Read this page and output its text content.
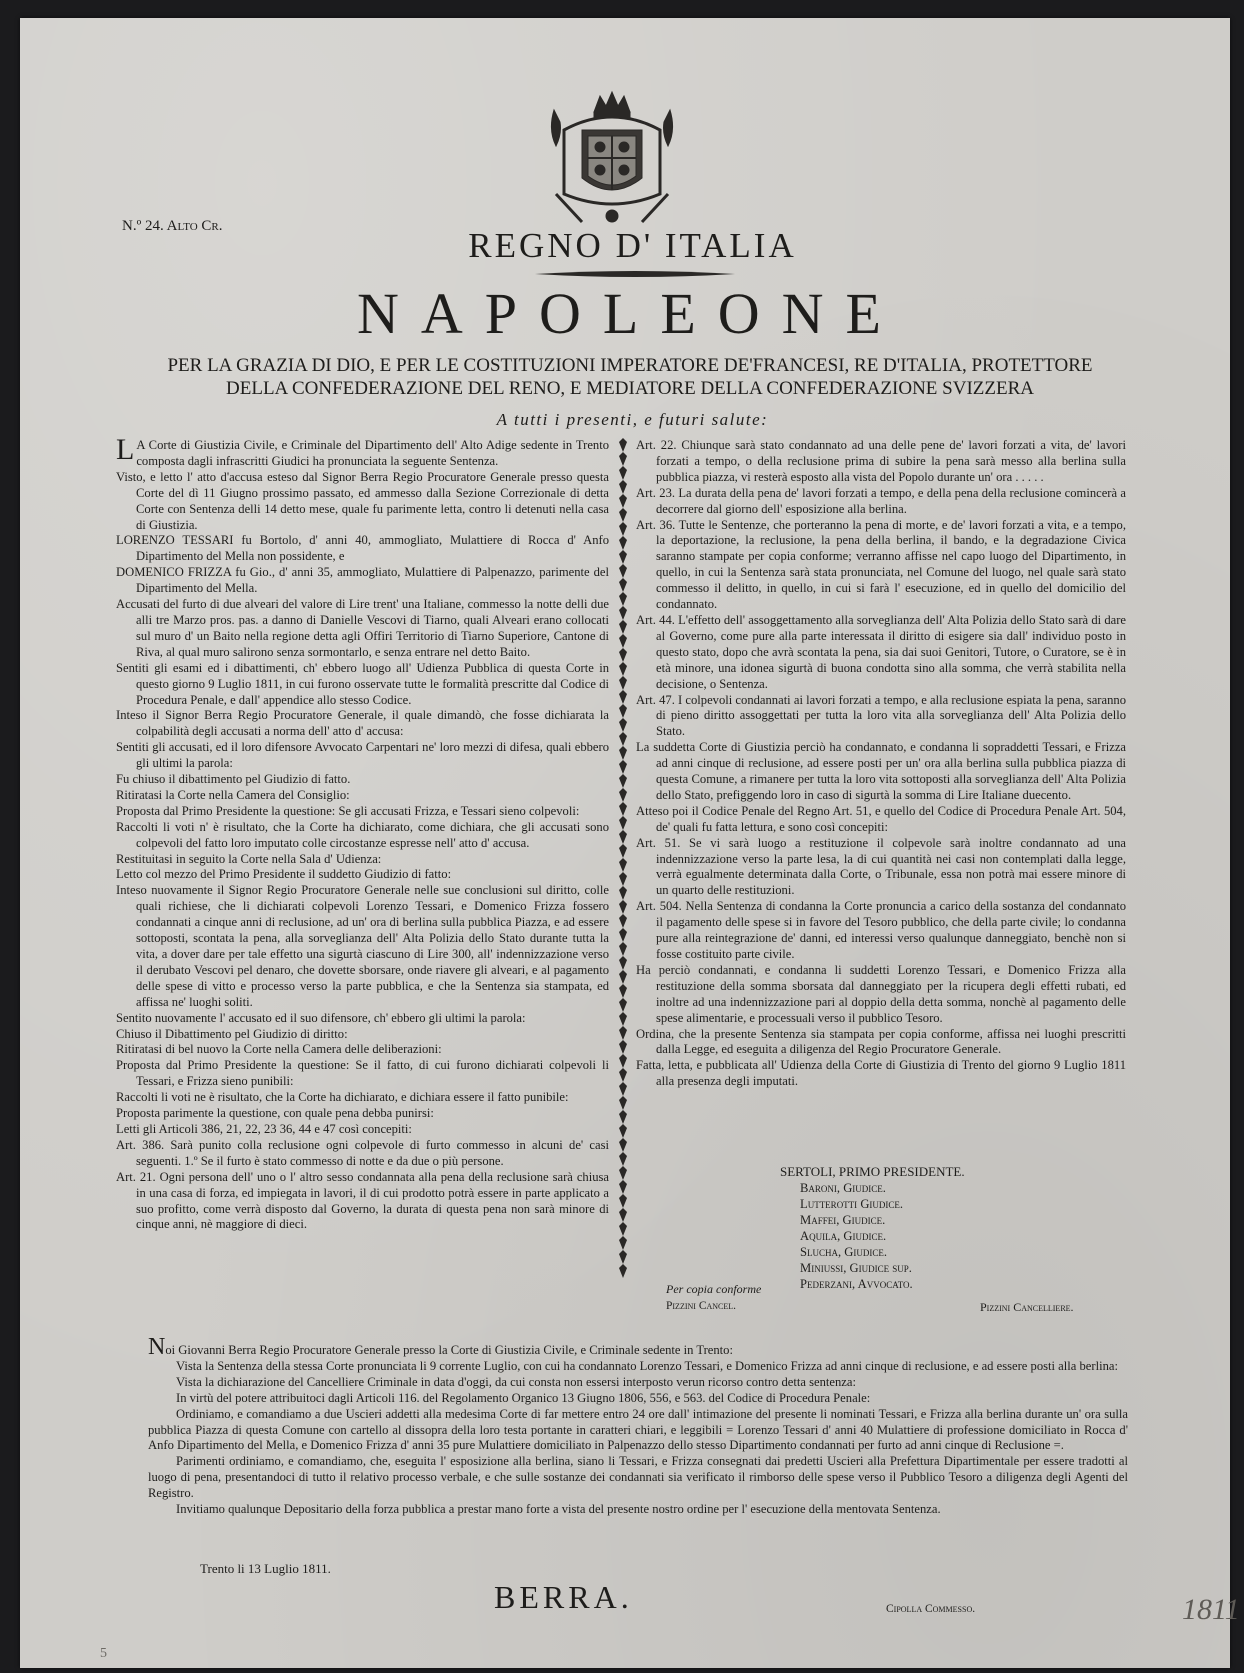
N.º 24. Alto Cr.	REGNO D' ITALIA
NAPOLEONE
PER LA GRAZIA DI DIO, E PER LE COSTITUZIONI IMPERATORE DE'FRANCESI, RE D'ITALIA, PROTETTORE
DELLA CONFEDERAZIONE DEL RENO, E MEDIATORE DELLA CONFEDERAZIONE SVIZZERA
A tutti i presenti, e futuri salute:

L A Corte di Giustizia Civile, e Criminale del Dipartimento dell' Alto Adige sedente in Trento composta dagli infrascritti Giudici ha pronunciata la seguente Sentenza.

Visto, e letto l' atto d'accusa esteso dal Signor Berra Regio Procuratore Generale presso questa Corte del dì 11 Giugno prossimo passato, ed ammesso dalla Sezione Correzionale di detta Corte con Sentenza delli 14 detto mese, quale fu parimente letta, contro li detenuti nella casa di Giustizia.

LORENZO TESSARI fu Bortolo, d' anni 40, ammogliato, Mulattiere di Rocca d' Anfo Dipartimento del Mella non possidente, e

DOMENICO FRIZZA fu Gio., d' anni 35, ammogliato, Mulattiere di Palpenazzo, parimente del Dipartimento del Mella.

Accusati del furto di due alveari del valore di Lire trent' una Italiane, commesso la notte delli due alli tre Marzo pros. pas. a danno di Danielle Vescovi di Tiarno, quali Alveari erano collocati sul muro d' un Baito nella regione detta agli Offiri Territorio di Tiarno Superiore, Cantone di Riva, al qual muro salirono senza sormontarlo, e senza entrare nel detto Baito.

Sentiti gli esami ed i dibattimenti, ch' ebbero luogo all' Udienza Pubblica di questa Corte in questo giorno 9 Luglio 1811, in cui furono osservate tutte le formalità prescritte dal Codice di Procedura Penale, e dall' appendice allo stesso Codice.

Inteso il Signor Berra Regio Procuratore Generale, il quale dimandò, che fosse dichiarata la colpabilità degli accusati a norma dell' atto d' accusa:

Sentiti gli accusati, ed il loro difensore Avvocato Carpentari ne' loro mezzi di difesa, quali ebbero gli ultimi la parola:

Fu chiuso il dibattimento pel Giudizio di fatto.

Ritiratasi la Corte nella Camera del Consiglio:

Proposta dal Primo Presidente la questione: Se gli accusati Frizza, e Tessari sieno colpevoli:

Raccolti li voti n' è risultato, che la Corte ha dichiarato, come dichiara, che gli accusati sono colpevoli del fatto loro imputato colle circostanze espresse nell' atto d' accusa.

Restituitasi in seguito la Corte nella Sala d' Udienza:

Letto col mezzo del Primo Presidente il suddetto Giudizio di fatto:

Inteso nuovamente il Signor Regio Procuratore Generale nelle sue conclusioni sul diritto, colle quali richiese, che li dichiarati colpevoli Lorenzo Tessari, e Domenico Frizza fossero condannati a cinque anni di reclusione, ad un' ora di berlina sulla pubblica Piazza, e ad essere sottoposti, scontata la pena, alla sorveglianza dell' Alta Polizia dello Stato durante tutta la vita, a dover dare per tale effetto una sigurtà ciascuno di Lire 300, all' indennizzazione verso il derubato Vescovi pel denaro, che dovette sborsare, onde riavere gli alveari, e al pagamento delle spese di vitto e processo verso la parte pubblica, e che la Sentenza sia stampata, ed affissa ne' luoghi soliti.

Sentito nuovamente l' accusato ed il suo difensore, ch' ebbero gli ultimi la parola:

Chiuso il Dibattimento pel Giudizio di diritto:

Ritiratasi di bel nuovo la Corte nella Camera delle deliberazioni:

Proposta dal Primo Presidente la questione: Se il fatto, di cui furono dichiarati colpevoli li Tessari, e Frizza sieno punibili:

Raccolti li voti ne è risultato, che la Corte ha dichiarato, e dichiara essere il fatto punibile:

Proposta parimente la questione, con quale pena debba punirsi:

Letti gli Articoli 386, 21, 22, 23 36, 44 e 47 così concepiti:

Art. 386. Sarà punito colla reclusione ogni colpevole di furto commesso in alcuni de' casi seguenti. 1.º Se il furto è stato commesso di notte e da due o più persone.

Art. 21. Ogni persona dell' uno o l' altro sesso condannata alla pena della reclusione sarà chiusa in una casa di forza, ed impiegata in lavori, il di cui prodotto potrà essere in parte applicato a suo profitto, come verrà disposto dal Governo, la durata di questa pena non sarà minore di cinque anni, nè maggiore di dieci.

Art. 22. Chiunque sarà stato condannato ad una delle pene de' lavori forzati a vita, de' lavori forzati a tempo, o della reclusione prima di subire la pena sarà messo alla berlina sulla pubblica piazza, vi resterà esposto alla vista del Popolo durante un' ora . . . . .

Art. 23. La durata della pena de' lavori forzati a tempo, e della pena della reclusione comincerà a decorrere dal giorno dell' esposizione alla berlina.

Art. 36. Tutte le Sentenze, che porteranno la pena di morte, e de' lavori forzati a vita, e a tempo, la deportazione, la reclusione, la pena della berlina, il bando, e la degradazione Civica saranno stampate per copia conforme; verranno affisse nel capo luogo del Dipartimento, in quello, in cui la Sentenza sarà stata pronunciata, nel Comune del luogo, nel quale sarà stato commesso il delitto, in quello, in cui si farà l' esecuzione, ed in quello del domicilio del condannato.

Art. 44. L'effetto dell' assoggettamento alla sorveglianza dell' Alta Polizia dello Stato sarà di dare al Governo, come pure alla parte interessata il diritto di esigere sia dall' individuo posto in questo stato, dopo che avrà scontata la pena, sia dai suoi Genitori, Tutore, o Curatore, se è in età minore, una idonea sigurtà di buona condotta sino alla somma, che verrà stabilita nella decisione, o Sentenza.

Art. 47. I colpevoli condannati ai lavori forzati a tempo, e alla reclusione espiata la pena, saranno di pieno diritto assoggettati per tutta la loro vita alla sorveglianza dell' Alta Polizia dello Stato.

La suddetta Corte di Giustizia perciò ha condannato, e condanna li sopraddetti Tessari, e Frizza ad anni cinque di reclusione, ad essere posti per un' ora alla berlina sulla pubblica piazza di questa Comune, a rimanere per tutta la loro vita sottoposti alla sorveglianza dell' Alta Polizia dello Stato, prefiggendo loro in caso di sigurtà la somma di Lire Italiane duecento.

Atteso poi il Codice Penale del Regno Art. 51, e quello del Codice di Procedura Penale Art. 504, de' quali fu fatta lettura, e sono così concepiti:

Art. 51. Se vi sarà luogo a restituzione il colpevole sarà inoltre condannato ad una indennizzazione verso la parte lesa, la di cui quantità nei casi non contemplati dalla legge, verrà egualmente determinata dalla Corte, o Tribunale, essa non potrà mai essere minore di un quarto delle restituzioni.

Art. 504. Nella Sentenza di condanna la Corte pronuncia a carico della sostanza del condannato il pagamento delle spese si in favore del Tesoro pubblico, che della parte civile; lo condanna pure alla reintegrazione de' danni, ed interessi verso qualunque danneggiato, benchè non si fosse costituito parte civile.

Ha perciò condannati, e condanna li suddetti Lorenzo Tessari, e Domenico Frizza alla restituzione della somma sborsata dal danneggiato per la ricupera degli effetti rubati, ed inoltre ad una indennizzazione pari al doppio della detta somma, nonchè al pagamento delle spese alimentarie, e processuali verso il pubblico Tesoro.

Ordina, che la presente Sentenza sia stampata per copia conforme, affissa nei luoghi prescritti dalla Legge, ed eseguita a diligenza del Regio Procuratore Generale.

Fatta, letta, e pubblicata all' Udienza della Corte di Giustizia di Trento del giorno 9 Luglio 1811 alla presenza degli imputati.

SERTOLI, PRIMO PRESIDENTE.
Baroni, Giudice.
Lutterotti Giudice.
Maffei, Giudice.
Aquila, Giudice.
Slucha, Giudice.
Miniussi, Giudice sup.
Pederzani, Avvocato.
Per copia conforme
Pizzini Cancel.	Pizzini Cancelliere.

Noi Giovanni Berra Regio Procuratore Generale presso la Corte di Giustizia Civile, e Criminale sedente in Trento:

Vista la Sentenza della stessa Corte pronunciata li 9 corrente Luglio, con cui ha condannato Lorenzo Tessari, e Domenico Frizza ad anni cinque di reclusione, e ad essere posti alla berlina:

Vista la dichiarazione del Cancelliere Criminale in data d'oggi, da cui consta non essersi interposto verun ricorso contro detta sentenza:

In virtù del potere attribuitoci dagli Articoli 116. del Regolamento Organico 13 Giugno 1806, 556, e 563. del Codice di Procedura Penale:

Ordiniamo, e comandiamo a due Uscieri addetti alla medesima Corte di far mettere entro 24 ore dall' intimazione del presente li nominati Tessari, e Frizza alla berlina durante un' ora sulla pubblica Piazza di questa Comune con cartello al dissopra della loro testa portante in caratteri chiari, e leggibili = Lorenzo Tessari d' anni 40 Mulattiere di professione domiciliato in Rocca d' Anfo Dipartimento del Mella, e Domenico Frizza d' anni 35 pure Mulattiere domiciliato in Palpenazzo dello stesso Dipartimento condannati per furto ad anni cinque di Reclusione =.

Parimenti ordiniamo, e comandiamo, che, eseguita l' esposizione alla berlina, siano li Tessari, e Frizza consegnati dai predetti Uscieri alla Prefettura Dipartimentale per essere tradotti al luogo di pena, presentandoci di tutto il relativo processo verbale, e che sulle sostanze dei condannati sia verificato il rimborso delle spese verso il Pubblico Tesoro a diligenza degli Agenti del Registro.

Invitiamo qualunque Depositario della forza pubblica a prestar mano forte a vista del presente nostro ordine per l' esecuzione della mentovata Sentenza.

Trento li 13 Luglio 1811.
BERRA.	Cipolla Commesso.	1811
5
